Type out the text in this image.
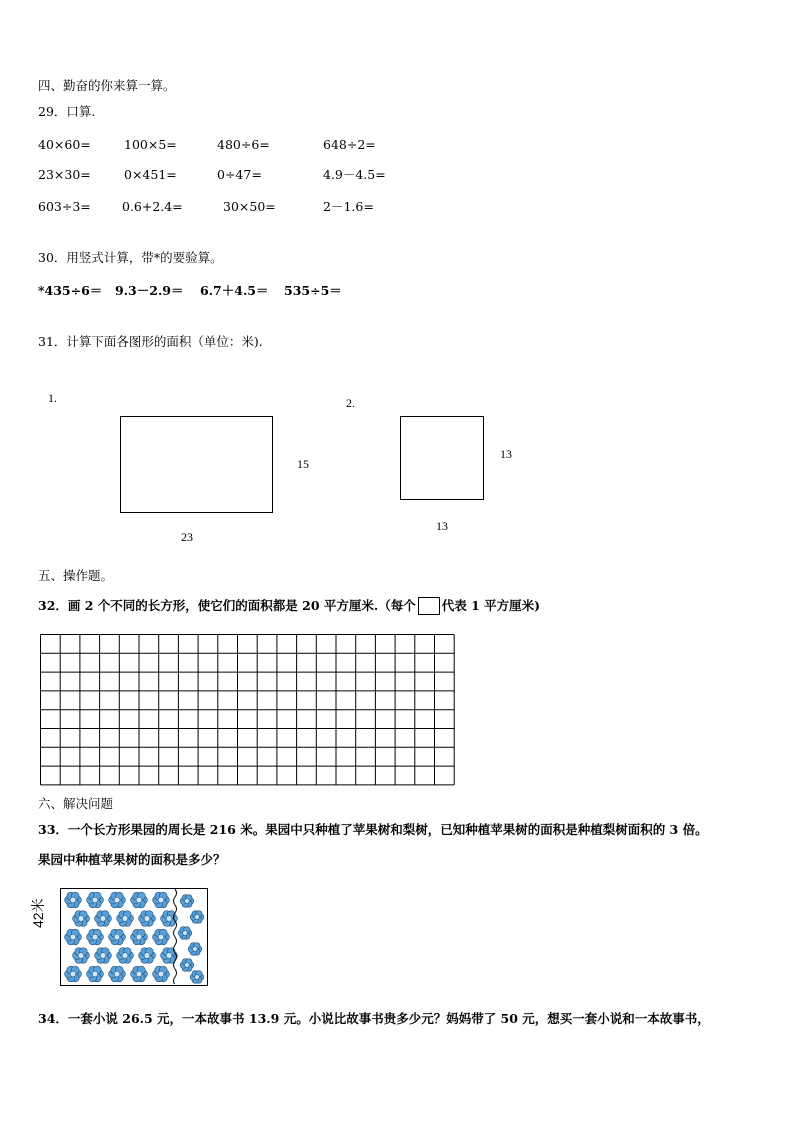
四、勤奋的你来算一算。
29．口算.
40×60=	100×5=	480÷6=	648÷2=
23×30=	0×451=	0÷47=	4.9－4.5=
603÷3= 0.6+2.4=	30×50=	2－1.6=
30．用竖式计算，带*的要验算。
*435÷6＝ 9.3－2.9＝ 6.7＋4.5＝ 535÷5＝
31．计算下面各图形的面积（单位：米).
1.
15
23
2.
13
13
五、操作题。
32．画 2 个不同的长方形，使它们的面积都是 20 平方厘米.（每个 代表 1 平方厘米)
六、解决问题
33．一个长方形果园的周长是 216 米。果园中只种植了苹果树和梨树，已知种植苹果树的面积是种植梨树面积的 3 倍。
果园中种植苹果树的面积是多少？
42米
34．一套小说 26.5 元，一本故事书 13.9 元。小说比故事书贵多少元？妈妈带了 50 元，想买一套小说和一本故事书，
